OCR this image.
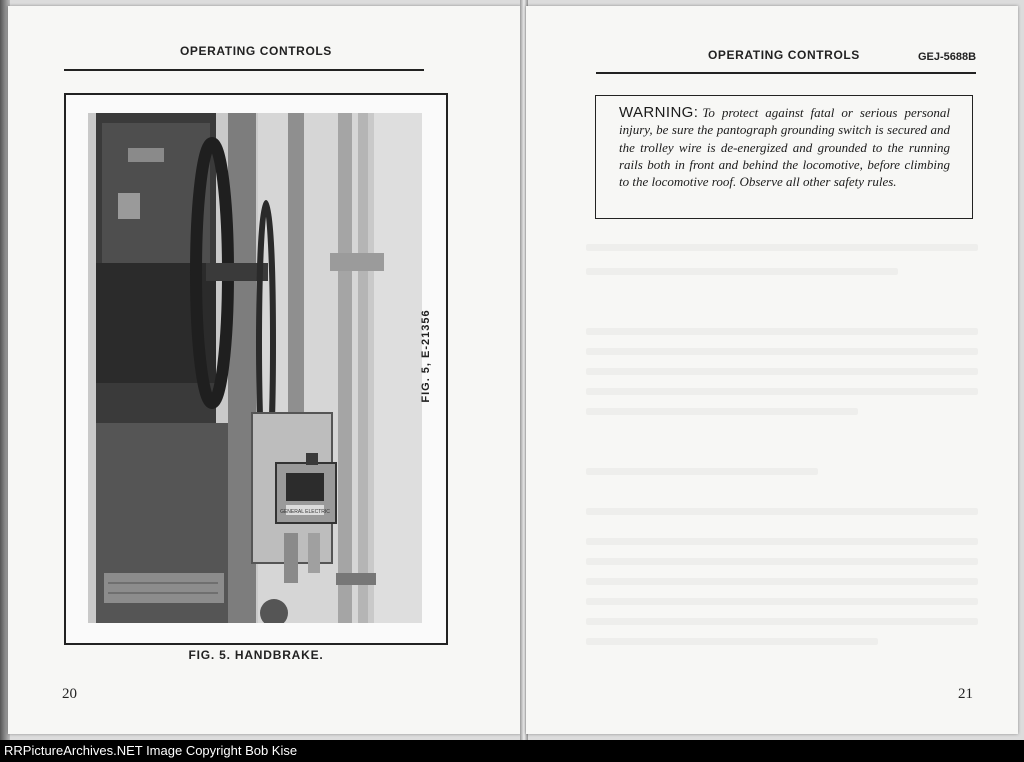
OPERATING CONTROLS
GENERAL ELECTRIC
FIG. 5, E-21356
FIG. 5. HANDBRAKE.
20
OPERATING CONTROLS	GEJ-5688B
WARNING: To protect against fatal or serious personal injury, be sure the pantograph grounding switch is secured and the trolley wire is de-energized and grounded to the running rails both in front and behind the locomotive, before climbing to the locomotive roof. Observe all other safety rules.
21
RRPictureArchives.NET Image Copyright Bob Kise
